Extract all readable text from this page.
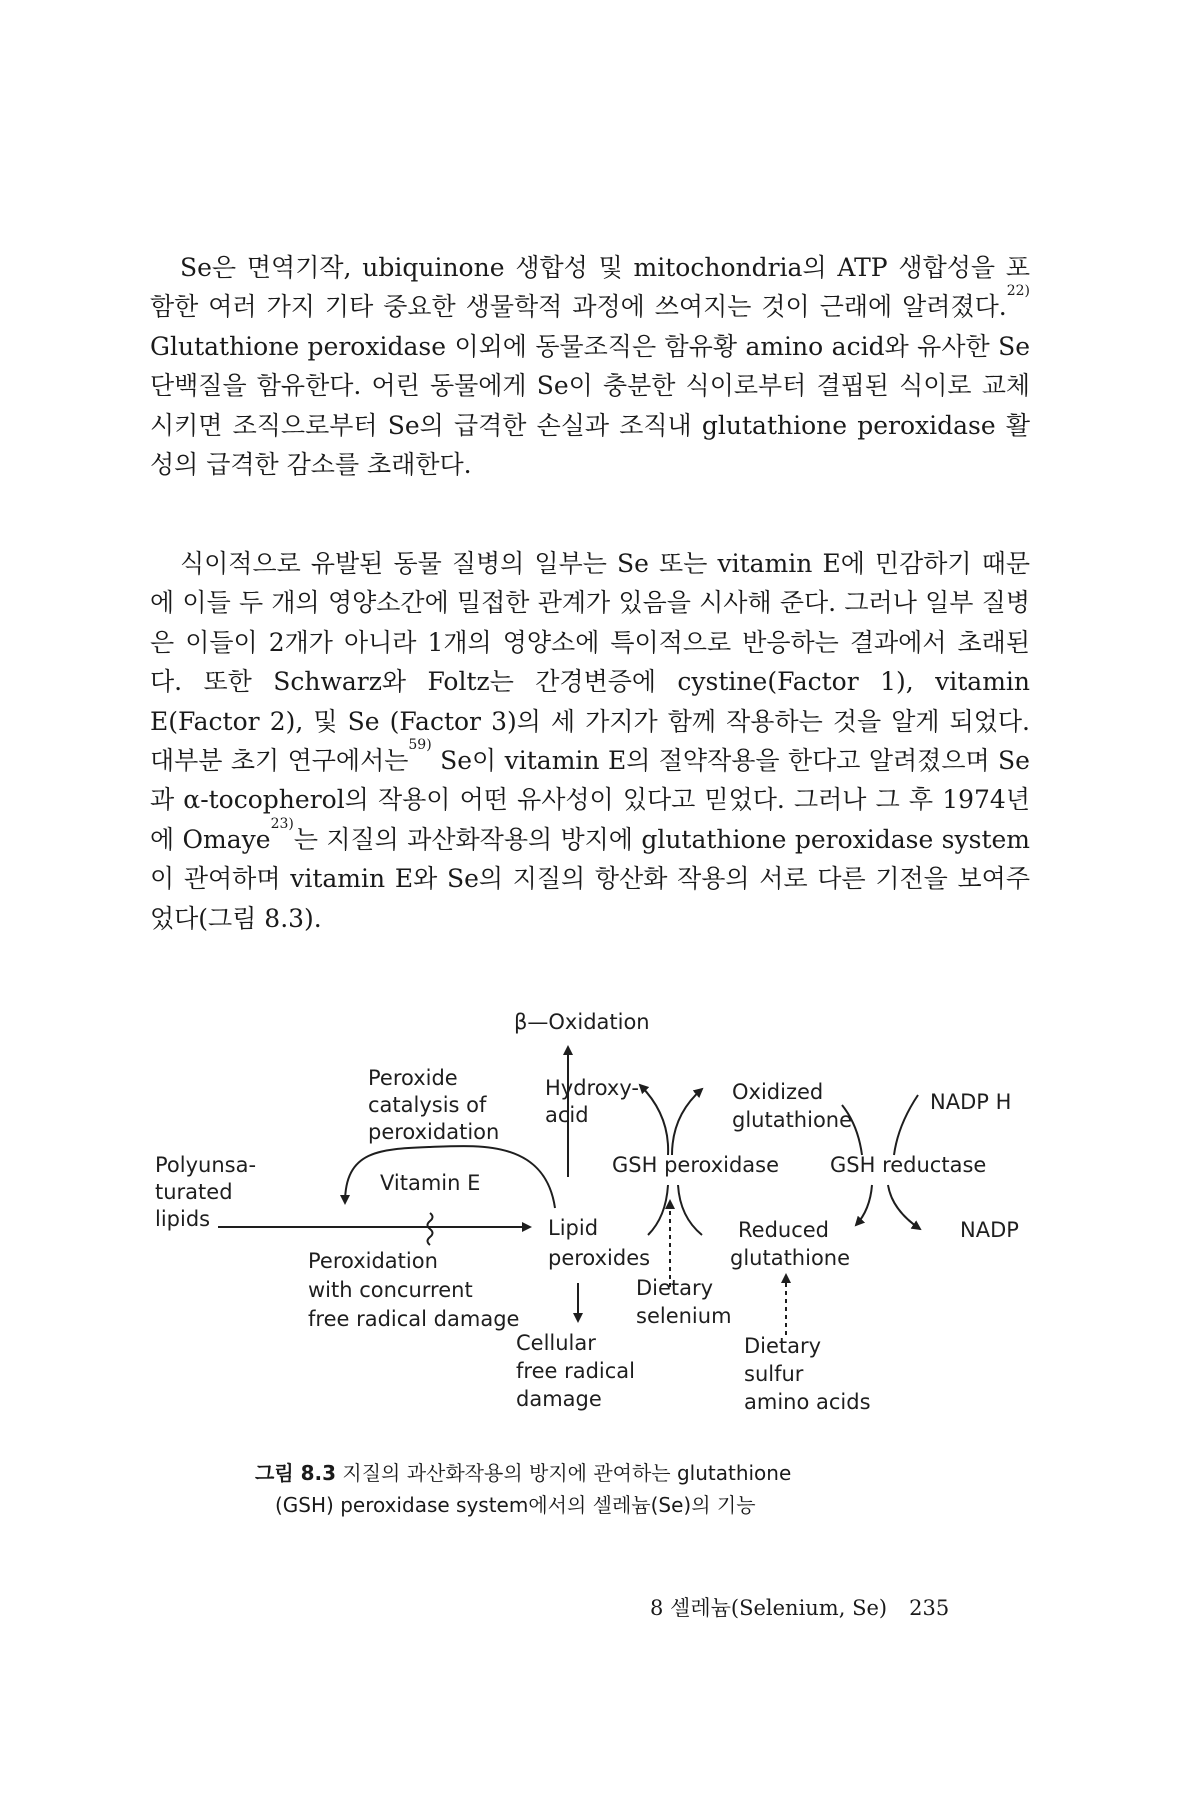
Se은 면역기작, ubiquinone 생합성 및 mitochondria의 ATP 생합성을 포함한 여러 가지 기타 중요한 생물학적 과정에 쓰여지는 것이 근래에 알려졌다.$^{22)}$ Glutathione peroxidase 이외에 동물조직은 함유황 amino acid와 유사한 Se단백질을 함유한다. 어린 동물에게 Se이 충분한 식이로부터 결핍된 식이로 교체시키면 조직으로부터 Se의 급격한 손실과 조직내 glutathione peroxidase 활성의 급격한 감소를 초래한다.

식이적으로 유발된 동물 질병의 일부는 Se 또는 vitamin E에 민감하기 때문에 이들 두 개의 영양소간에 밀접한 관계가 있음을 시사해 준다. 그러나 일부 질병은 이들이 2개가 아니라 1개의 영양소에 특이적으로 반응하는 결과에서 초래된다. 또한 Schwarz와 Foltz는 간경변증에 cystine(Factor 1), vitamin E(Factor 2), 및 Se (Factor 3)의 세 가지가 함께 작용하는 것을 알게 되었다. 대부분 초기 연구에서는$^{59)}$ Se이 vitamin E의 절약작용을 한다고 알려졌으며 Se과 α-tocopherol의 작용이 어떤 유사성이 있다고 믿었다. 그러나 그 후 1974년에 Omaye$^{23)}$는 지질의 과산화작용의 방지에 glutathione peroxidase system이 관여하며 vitamin E와 Se의 지질의 항산화 작용의 서로 다른 기전을 보여주었다(그림 8.3).

β—Oxidation
Peroxide
catalysis of
peroxidation
Hydroxy-
acid
Oxidized
glutathione
NADP H
Polyunsa-
turated
lipids
Vitamin E
GSH peroxidase GSH reductase
Lipid
peroxides
Reduced
glutathione
NADP
Peroxidation
with concurrent
free radical damage
Dietary
selenium
Cellular
free radical
damage
Dietary
sulfur
amino acids

그림 8.3 지질의 과산화작용의 방지에 관여하는 glutathione

(GSH) peroxidase system에서의 셀레늄(Se)의 기능

8 셀레늄(Selenium, Se) 235
